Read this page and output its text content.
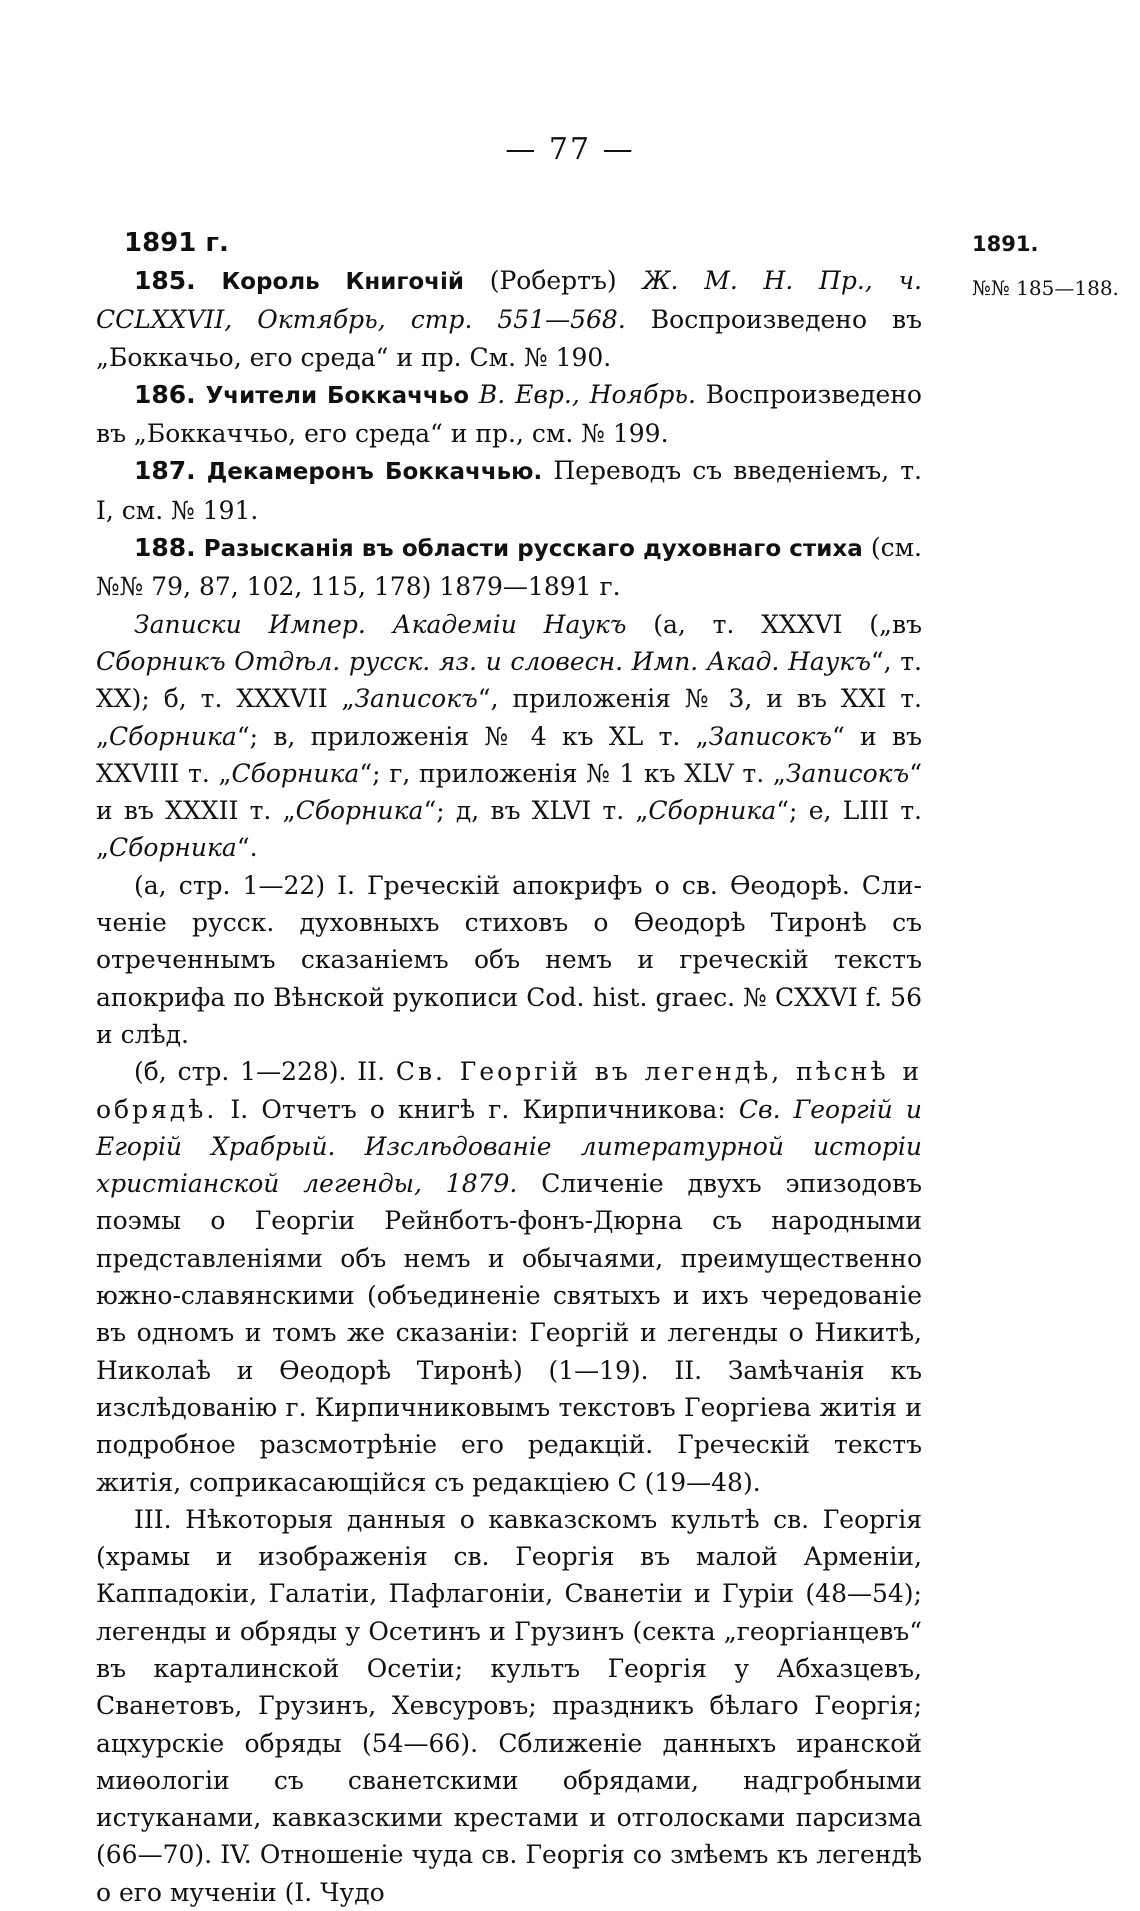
— 77 —
1891 г.	1891.
№№ 185—188.

185. Король Книгочій (Робертъ) Ж. М. Н. Пр., ч. CCLXXVII, Октябрь, стр. 551—568. Воспроизведено въ „Боккачьо, его среда“ и пр. См. № 190.

186. Учители Боккаччьо В. Евр., Ноябрь. Воспроизведено въ „Боккаччьо, его среда“ и пр., см. № 199.

187. Декамеронъ Боккаччью. Переводъ съ введеніемъ, т. I, см. № 191.

188. Разысканія въ области русскаго духовнаго стиха (см. №№ 79, 87, 102, 115, 178) 1879—1891 г.

Записки Импер. Академіи Наукъ (а, т. XXXVI („въ Сборникъ Отдѣл. русск. яз. и словесн. Имп. Акад. Наукъ“, т. XX); б, т. XXXVII „Записокъ“, приложенія № 3, и въ XXI т. „Сборника“; в, приложенія № 4 къ XL т. „Записокъ“ и въ XXVIII т. „Сборника“; г, приложенія № 1 къ XLV т. „Записокъ“ и въ XXXII т. „Сборника“; д, въ XLVI т. „Сборника“; е, LIII т. „Сборника“.

(а, стр. 1—22) I. Греческій апокрифъ о св. Ѳеодорѣ. Сличеніе русск. духовныхъ стиховъ о Ѳеодорѣ Тиронѣ съ отреченнымъ сказаніемъ объ немъ и греческій текстъ апокрифа по Вѣнской рукописи Cod. hist. graec. № CXXVI f. 56 и слѣд.

(б, стр. 1—228). II. Св. Георгій въ легендѣ, пѣснѣ и обрядѣ. I. Отчетъ о книгѣ г. Кирпичникова: Св. Георгій и Егорій Храбрый. Изслѣдованіе литературной исторіи христіанской легенды, 1879. Сличеніе двухъ эпизодовъ поэмы о Георгіи Рейнботъ-фонъ-Дюрна съ народными представленіями объ немъ и обычаями, преимущественно южно-славянскими (объединеніе святыхъ и ихъ чередованіе въ одномъ и томъ же сказаніи: Георгій и легенды о Никитѣ, Николаѣ и Ѳеодорѣ Тиронѣ) (1—19). II. Замѣчанія къ изслѣдованію г. Кирпичниковымъ текстовъ Георгіева житія и подробное разсмотрѣніе его редакцій. Греческій текстъ житія, соприкасающійся съ редакціею C (19—48).

III. Нѣкоторыя данныя о кавказскомъ культѣ св. Георгія (храмы и изображенія св. Георгія въ малой Арменіи, Каппадокіи, Галатіи, Пафлагоніи, Сванетіи и Гуріи (48—54); легенды и обряды у Осетинъ и Грузинъ (секта „георгіанцевъ“ въ карталинской Осетіи; культъ Георгія у Абхазцевъ, Сванетовъ, Грузинъ, Хевсуровъ; праздникъ бѣлаго Георгія; ацхурскіе обряды (54—66). Сближеніе данныхъ иранской миѳологіи съ сванетскими обрядами, надгробными истуканами, кавказскими крестами и отголосками парсизма (66—70). IV. Отношеніе чуда св. Георгія со змѣемъ къ легендѣ о его мученіи (I. Чудо
